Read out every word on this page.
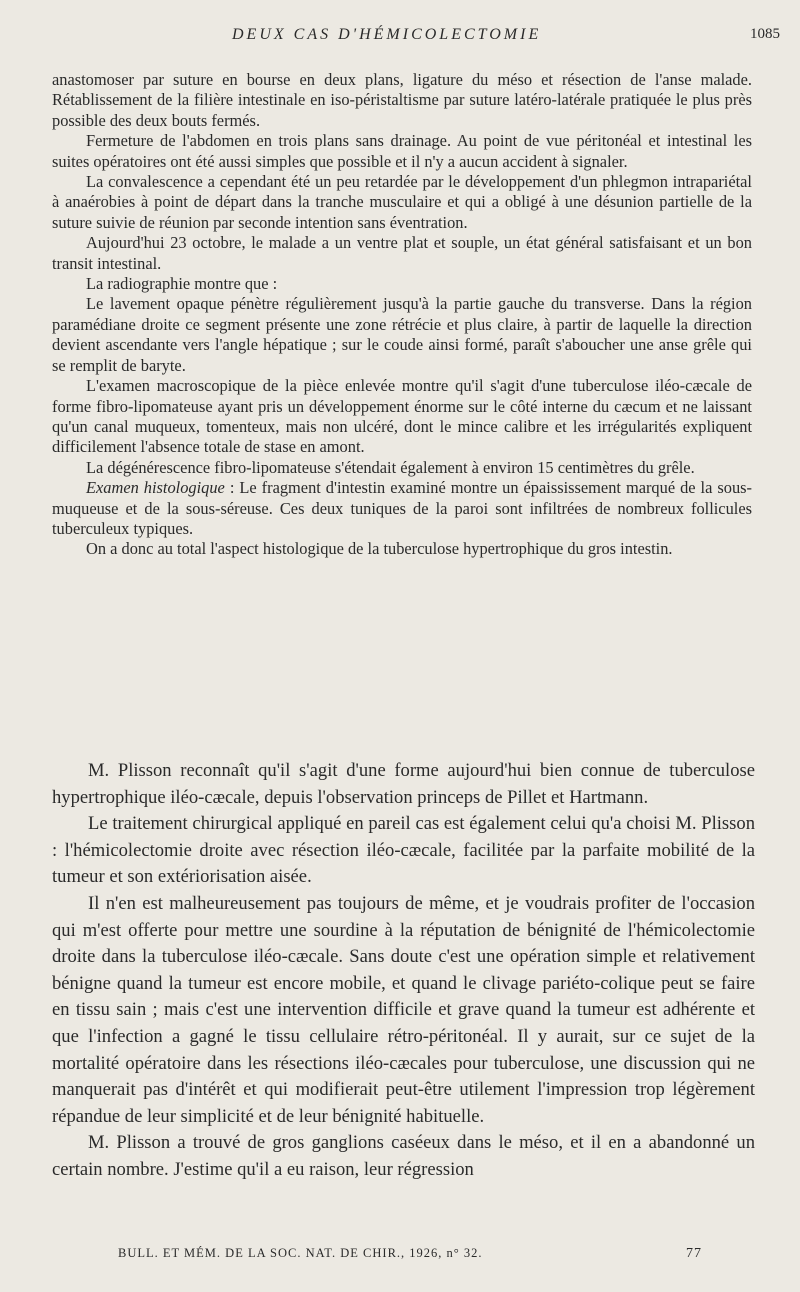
DEUX CAS D'HÉMICOLECTOMIE	1085

anastomoser par suture en bourse en deux plans, ligature du méso et résection de l'anse malade. Rétablissement de la filière intestinale en iso-péristaltisme par suture latéro-latérale pratiquée le plus près possible des deux bouts fermés.

Fermeture de l'abdomen en trois plans sans drainage. Au point de vue péritonéal et intestinal les suites opératoires ont été aussi simples que possible et il n'y a aucun accident à signaler.

La convalescence a cependant été un peu retardée par le développement d'un phlegmon intrapariétal à anaérobies à point de départ dans la tranche musculaire et qui a obligé à une désunion partielle de la suture suivie de réunion par seconde intention sans éventration.

Aujourd'hui 23 octobre, le malade a un ventre plat et souple, un état général satisfaisant et un bon transit intestinal.

La radiographie montre que :

Le lavement opaque pénètre régulièrement jusqu'à la partie gauche du transverse. Dans la région paramédiane droite ce segment présente une zone rétrécie et plus claire, à partir de laquelle la direction devient ascendante vers l'angle hépatique ; sur le coude ainsi formé, paraît s'aboucher une anse grêle qui se remplit de baryte.

L'examen macroscopique de la pièce enlevée montre qu'il s'agit d'une tuberculose iléo-cæcale de forme fibro-lipomateuse ayant pris un développement énorme sur le côté interne du cæcum et ne laissant qu'un canal muqueux, tomenteux, mais non ulcéré, dont le mince calibre et les irrégularités expliquent difficilement l'absence totale de stase en amont.

La dégénérescence fibro-lipomateuse s'étendait également à environ 15 centimètres du grêle.

Examen histologique : Le fragment d'intestin examiné montre un épaississement marqué de la sous-muqueuse et de la sous-séreuse. Ces deux tuniques de la paroi sont infiltrées de nombreux follicules tuberculeux typiques.

On a donc au total l'aspect histologique de la tuberculose hypertrophique du gros intestin.

M. Plisson reconnaît qu'il s'agit d'une forme aujourd'hui bien connue de tuberculose hypertrophique iléo-cæcale, depuis l'observation princeps de Pillet et Hartmann.

Le traitement chirurgical appliqué en pareil cas est également celui qu'a choisi M. Plisson : l'hémicolectomie droite avec résection iléo-cæcale, facilitée par la parfaite mobilité de la tumeur et son extériorisation aisée.

Il n'en est malheureusement pas toujours de même, et je voudrais profiter de l'occasion qui m'est offerte pour mettre une sourdine à la réputation de bénignité de l'hémicolectomie droite dans la tuberculose iléo-cæcale. Sans doute c'est une opération simple et relativement bénigne quand la tumeur est encore mobile, et quand le clivage pariéto-colique peut se faire en tissu sain ; mais c'est une intervention difficile et grave quand la tumeur est adhérente et que l'infection a gagné le tissu cellulaire rétro-péritonéal. Il y aurait, sur ce sujet de la mortalité opératoire dans les résections iléo-cæcales pour tuberculose, une discussion qui ne manquerait pas d'intérêt et qui modifierait peut-être utilement l'impression trop légèrement répandue de leur simplicité et de leur bénignité habituelle.

M. Plisson a trouvé de gros ganglions caséeux dans le méso, et il en a abandonné un certain nombre. J'estime qu'il a eu raison, leur régression

BULL. ET MÉM. DE LA SOC. NAT. DE CHIR., 1926, n° 32.	77
